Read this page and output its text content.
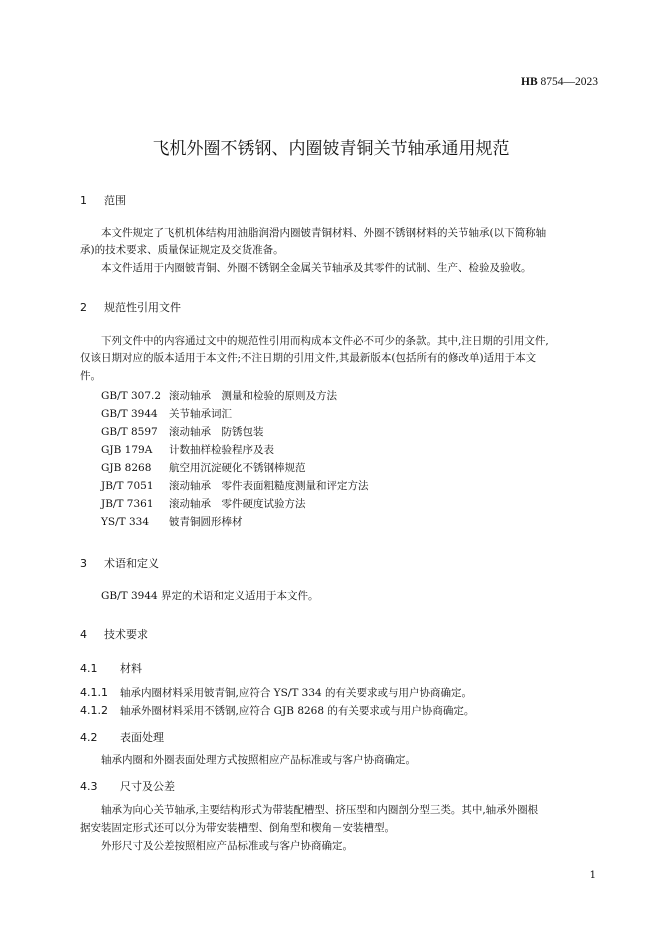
HB 8754—2023
飞机外圈不锈钢、内圈铍青铜关节轴承通用规范
1 范围
本文件规定了飞机机体结构用油脂润滑内圈铍青铜材料、外圈不锈钢材料的关节轴承(以下简称轴
承)的技术要求、质量保证规定及交货准备。
本文件适用于内圈铍青铜、外圈不锈钢全金属关节轴承及其零件的试制、生产、检验及验收。
2 规范性引用文件
下列文件中的内容通过文中的规范性引用而构成本文件必不可少的条款。其中,注日期的引用文件,
仅该日期对应的版本适用于本文件;不注日期的引用文件,其最新版本(包括所有的修改单)适用于本文
件。
GB/T 307.2 滚动轴承　测量和检验的原则及方法
GB/T 3944 关节轴承词汇
GB/T 8597 滚动轴承　防锈包装
GJB 179A 计数抽样检验程序及表
GJB 8268 航空用沉淀硬化不锈钢棒规范
JB/T 7051 滚动轴承　零件表面粗糙度测量和评定方法
JB/T 7361 滚动轴承　零件硬度试验方法
YS/T 334 铍青铜圆形棒材
3 术语和定义
GB/T 3944 界定的术语和定义适用于本文件。
4 技术要求
4.1 材料
4.1.1 轴承内圈材料采用铍青铜,应符合 YS/T 334 的有关要求或与用户协商确定。
4.1.2 轴承外圈材料采用不锈钢,应符合 GJB 8268 的有关要求或与用户协商确定。
4.2 表面处理
轴承内圈和外圈表面处理方式按照相应产品标准或与客户协商确定。
4.3 尺寸及公差
轴承为向心关节轴承,主要结构形式为带装配槽型、挤压型和内圈剖分型三类。其中,轴承外圈根
据安装固定形式还可以分为带安装槽型、倒角型和楔角－安装槽型。
外形尺寸及公差按照相应产品标准或与客户协商确定。
1
